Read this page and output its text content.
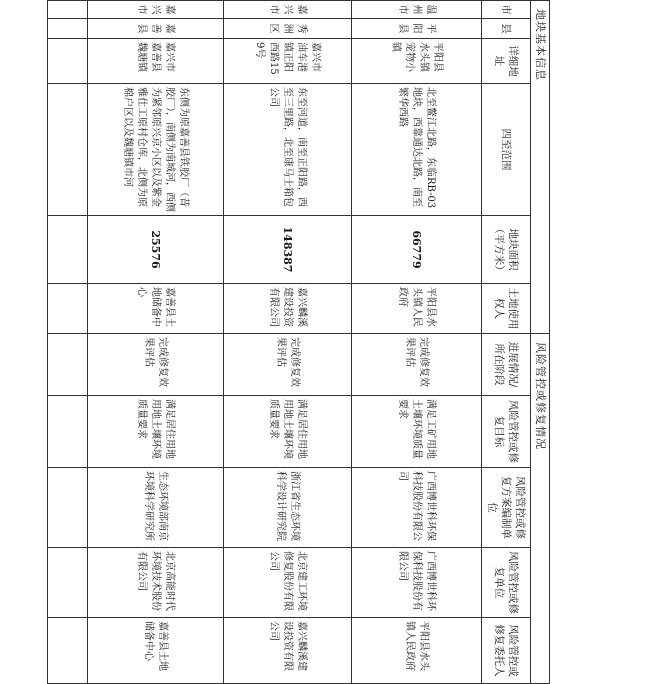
地块基本信息						风险管控或修复情况				
市	县	详细地址	四至范围	地块面积（平方米）	土地使用权人	进展情况/所在阶段	风险管控或修复目标	风险管控或修复方案编制单位	风险管控或修复单位	风险管控或修复委托人
温州市	平阳县	平阳县水头镇宠物小镇	北至鳌江北路，东临RB-03地块，西靠通达北路，南至繁华西路	66779	平阳县水头镇人民政府	完成修复效果评估	满足工矿用地土壤环境质量要求	广西博世科环保科技股份有限公司	广西博世科环保科技股份有限公司	平阳县水头镇人民政府
嘉兴市	秀洲区	嘉兴市油车港镇正阳西路159号	东至河道，南至正阳路，西至三里路，北至康马士箱包公司	148387	嘉兴麟溪建设投资有限公司	完成修复效果评估	满足居住用地用地土壤环境质量要求	浙江省生态环境科学设计研究院	北京建工环境修复股份有限公司	嘉兴麟溪建设投资有限公司
嘉兴市	嘉善县	嘉兴市嘉善县魏塘镇	东侧为原嘉善县铁胶厂（昔胶厂），南侧为南城河，西侧为紧邻原兴京小区以及紫金雅仕工原村仓库，北侧为原棉户区以及魏塘镇市河	25576	嘉善县土地储备中心	完成修复效果评估	满足居住用地用地土壤环境质量要求	生态环境部南京环境科学研究所	北京高能时代环境技术股份有限公司	嘉善县土地储备中心
